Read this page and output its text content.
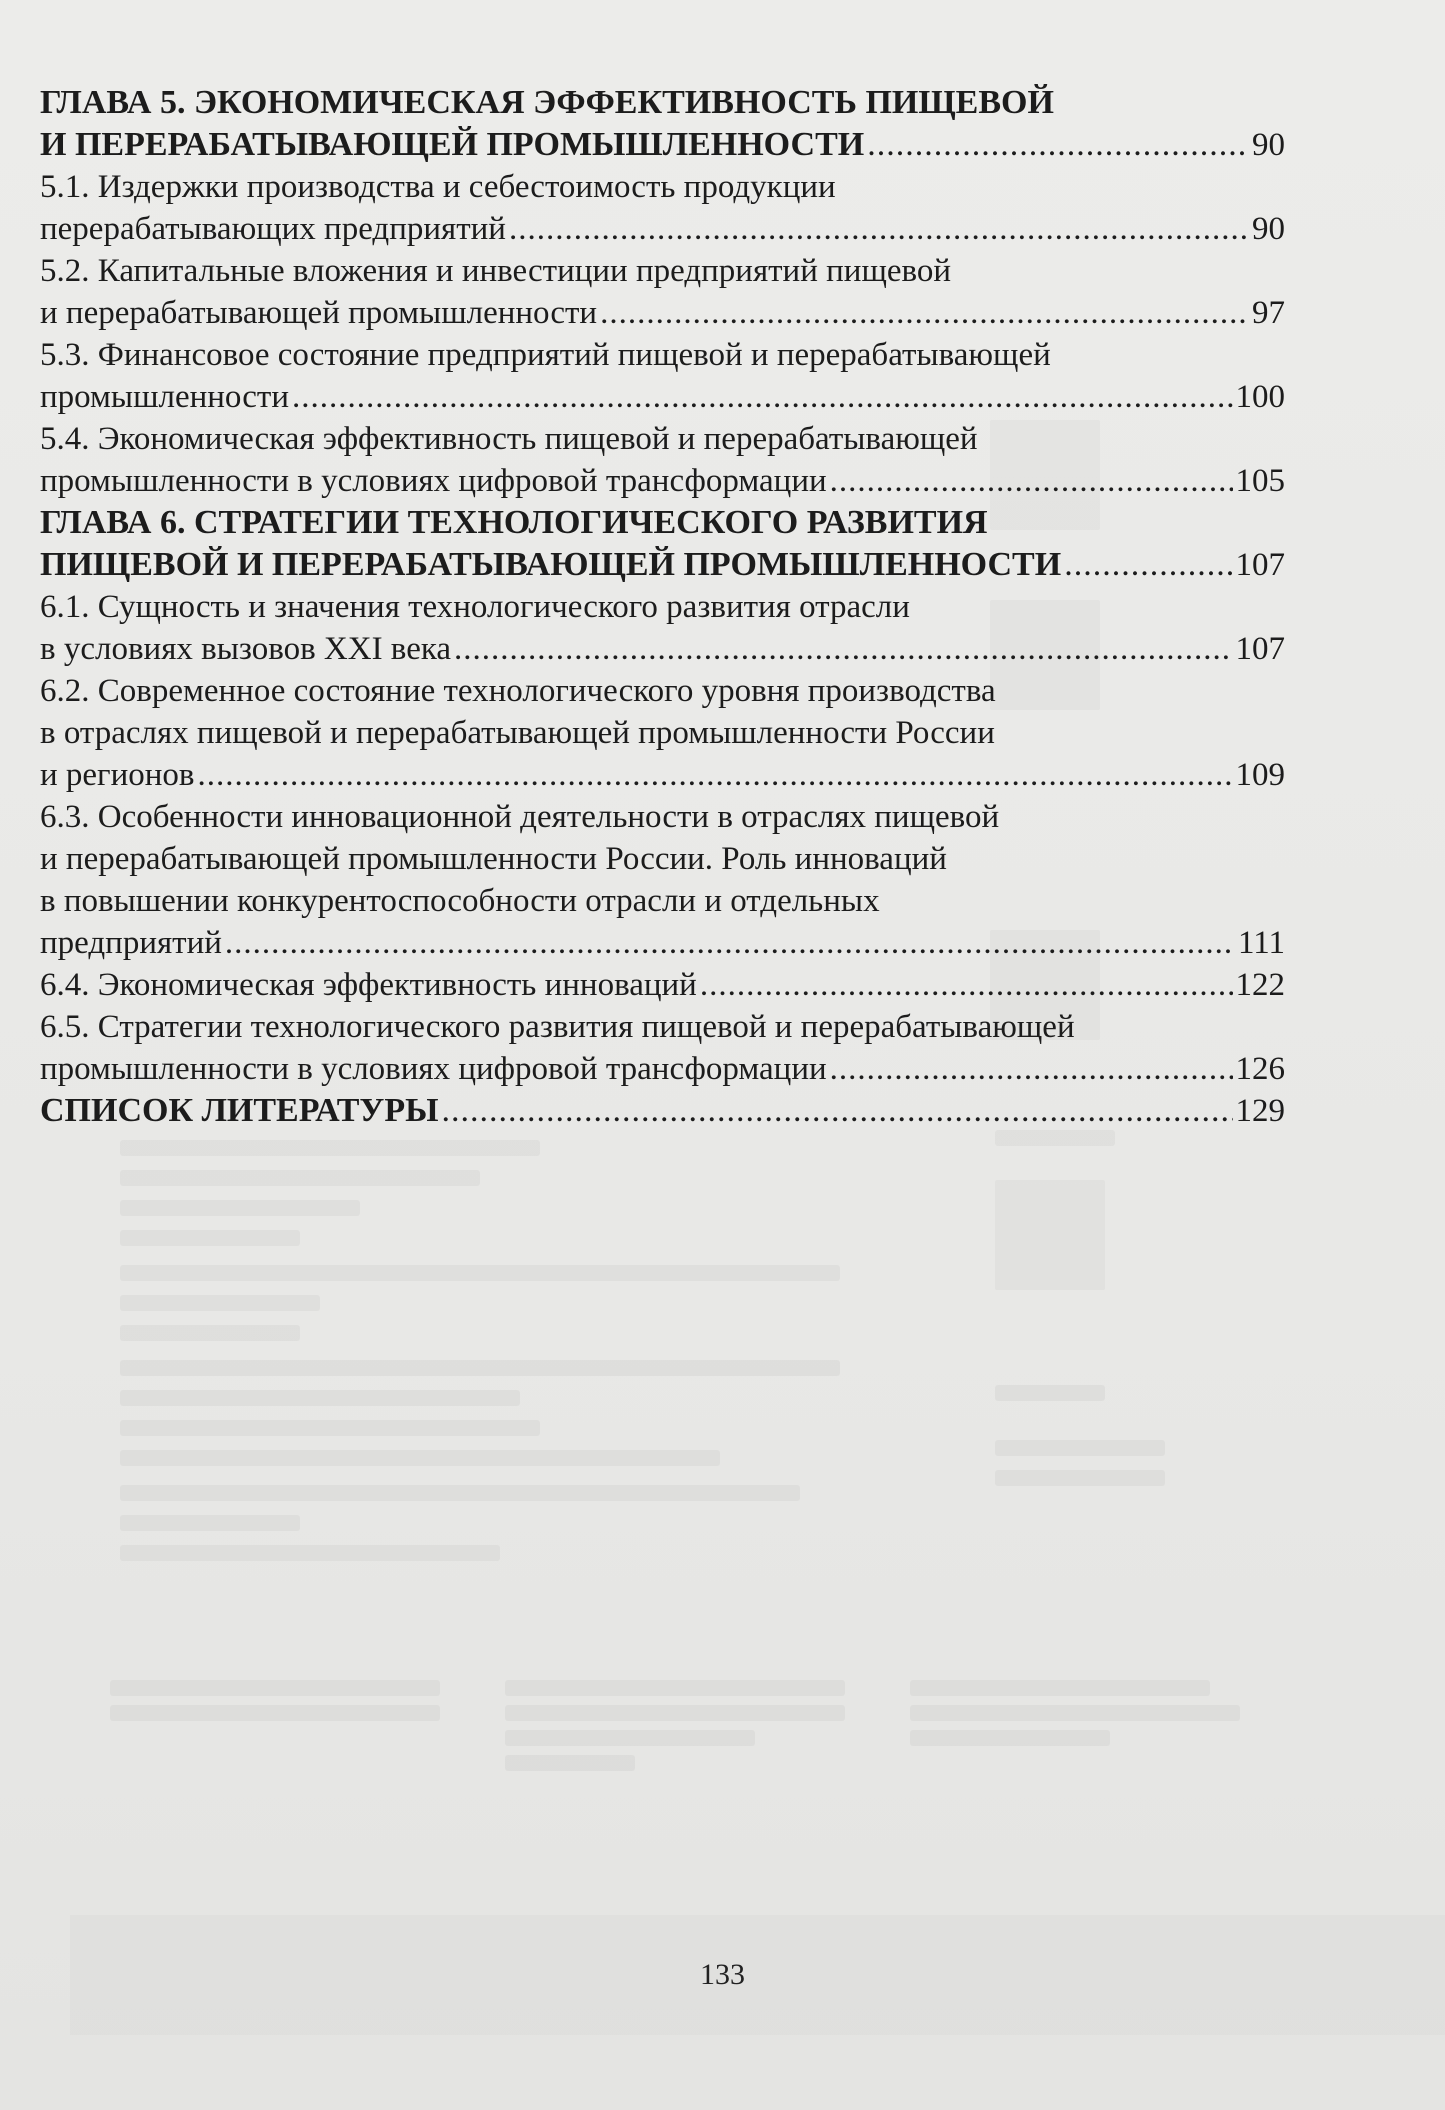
ГЛАВА 5. ЭКОНОМИЧЕСКАЯ ЭФФЕКТИВНОСТЬ ПИЩЕВОЙ
И ПЕРЕРАБАТЫВАЮЩЕЙ ПРОМЫШЛЕННОСТИ .....	90
5.1. Издержки производства и себестоимость продукции
перерабатывающих предприятий .....	90
5.2. Капитальные вложения и инвестиции предприятий пищевой
и перерабатывающей промышленности .....	97
5.3. Финансовое состояние предприятий пищевой и перерабатывающей
промышленности .....	100
5.4. Экономическая эффективность пищевой и перерабатывающей
промышленности в условиях цифровой трансформации .....	105
ГЛАВА 6. СТРАТЕГИИ ТЕХНОЛОГИЧЕСКОГО РАЗВИТИЯ
ПИЩЕВОЙ И ПЕРЕРАБАТЫВАЮЩЕЙ ПРОМЫШЛЕННОСТИ .....	107
6.1. Сущность и значения технологического развития отрасли
в условиях вызовов XXI века .....	107
6.2. Современное состояние технологического уровня производства
в отраслях пищевой и перерабатывающей промышленности России
и регионов .....	109
6.3. Особенности инновационной деятельности в отраслях пищевой
и перерабатывающей промышленности России. Роль инноваций
в повышении конкурентоспособности отрасли и отдельных
предприятий .....	111
6.4. Экономическая эффективность инноваций .....	122
6.5. Стратегии технологического развития пищевой и перерабатывающей
промышленности в условиях цифровой трансформации .....	126
СПИСОК ЛИТЕРАТУРЫ .....	129
133
